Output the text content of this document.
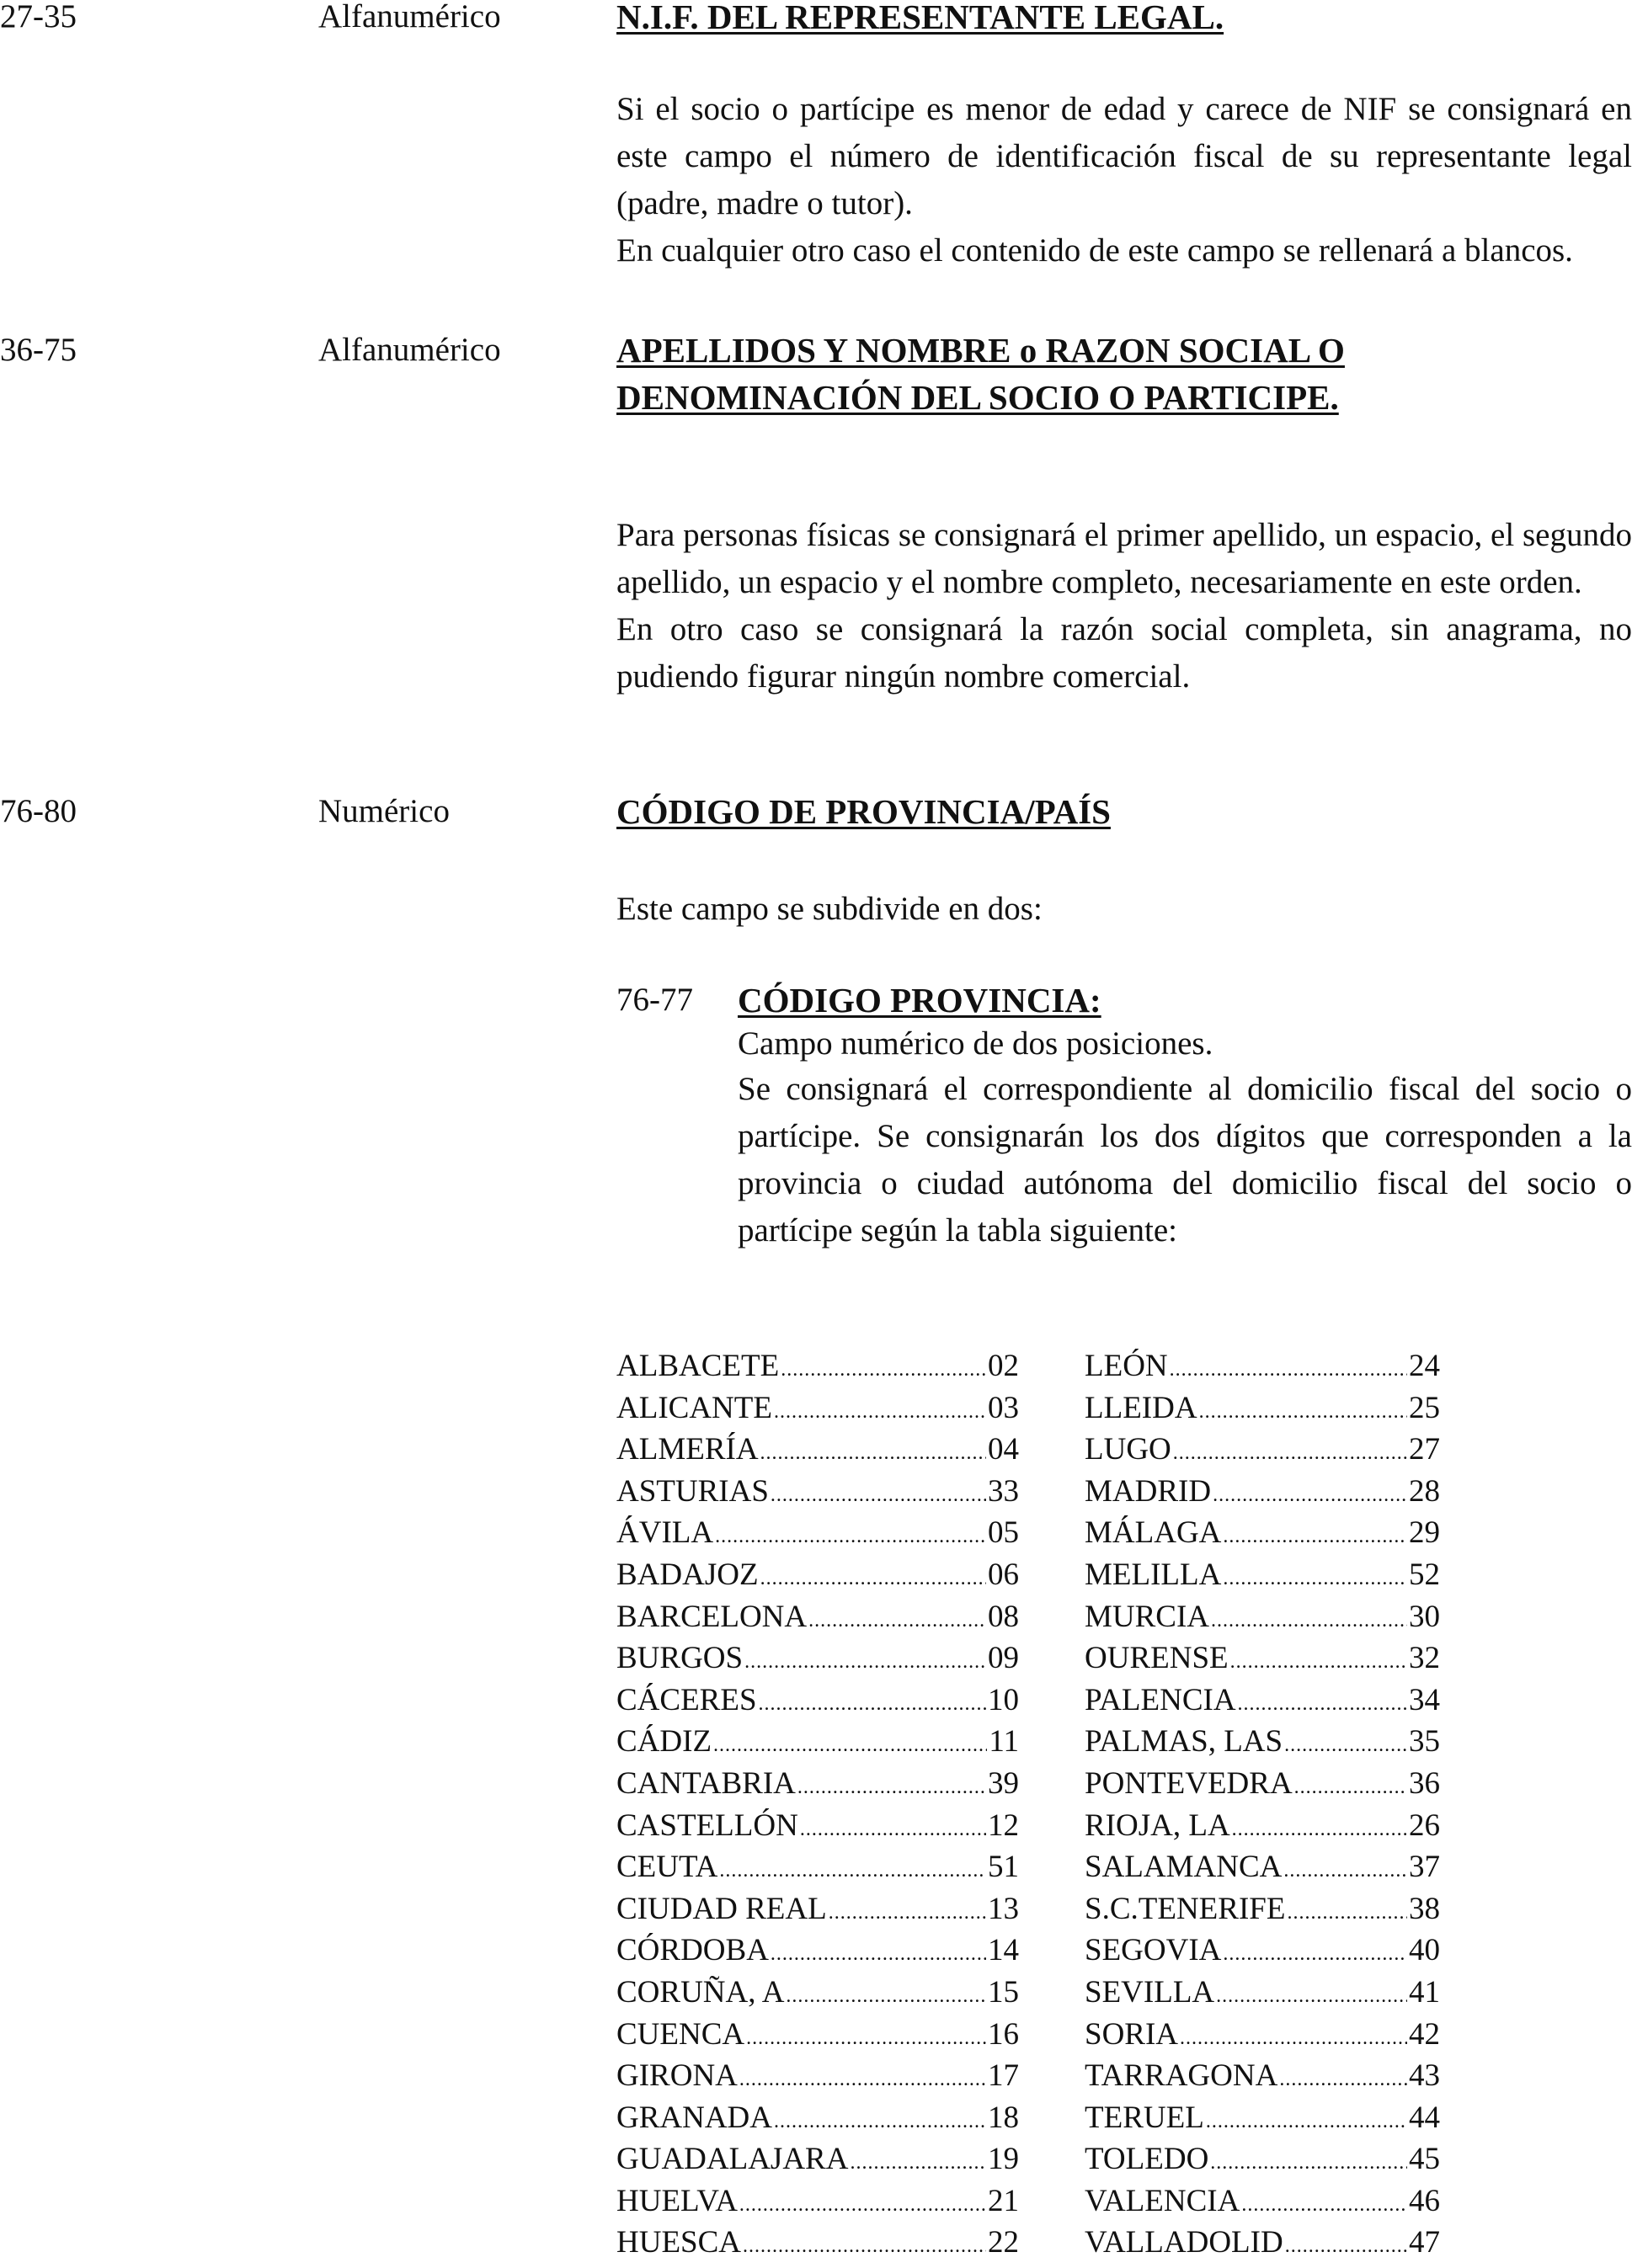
27-35	Alfanumérico	N.I.F. DEL REPRESENTANTE LEGAL.

Si el socio o partícipe es menor de edad y carece de NIF se consignará en este campo el número de identificación fiscal de su representante legal (padre, madre o tutor).

En cualquier otro caso el contenido de este campo se rellenará a blancos.

36-75	Alfanumérico	APELLIDOS Y NOMBRE o RAZON SOCIAL O
DENOMINACIÓN DEL SOCIO O PARTICIPE.

Para personas físicas se consignará el primer apellido, un espacio, el segundo apellido, un espacio y el nombre completo, necesariamente en este orden.

En otro caso se consignará la razón social completa, sin anagrama, no pudiendo figurar ningún nombre comercial.

76-80	Numérico	CÓDIGO DE PROVINCIA/PAÍS
Este campo se subdivide en dos:
76-77 CÓDIGO PROVINCIA:
Campo numérico de dos posiciones.

Se consignará el correspondiente al domicilio fiscal del socio o partícipe. Se consignarán los dos dígitos que corresponden a la provincia o ciudad autónoma del domicilio fiscal del socio o partícipe según la tabla siguiente:

ALBACETE .....	02
ALICANTE .....	03
ALMERÍA .....	04
ASTURIAS .....	33
ÁVILA .....	05
BADAJOZ .....	06
BARCELONA .....	08
BURGOS .....	09
CÁCERES .....	10
CÁDIZ .....	11
CANTABRIA .....	39
CASTELLÓN .....	12
CEUTA .....	51
CIUDAD REAL .....	13
CÓRDOBA .....	14
CORUÑA, A .....	15
CUENCA .....	16
GIRONA .....	17
GRANADA .....	18
GUADALAJARA .....	19
HUELVA .....	21
HUESCA .....	22
LEÓN .....	24
LLEIDA .....	25
LUGO .....	27
MADRID .....	28
MÁLAGA .....	29
MELILLA .....	52
MURCIA .....	30
OURENSE .....	32
PALENCIA .....	34
PALMAS, LAS .....	35
PONTEVEDRA .....	36
RIOJA, LA .....	26
SALAMANCA .....	37
S.C.TENERIFE .....	38
SEGOVIA .....	40
SEVILLA .....	41
SORIA .....	42
TARRAGONA .....	43
TERUEL .....	44
TOLEDO .....	45
VALENCIA .....	46
VALLADOLID .....	47
